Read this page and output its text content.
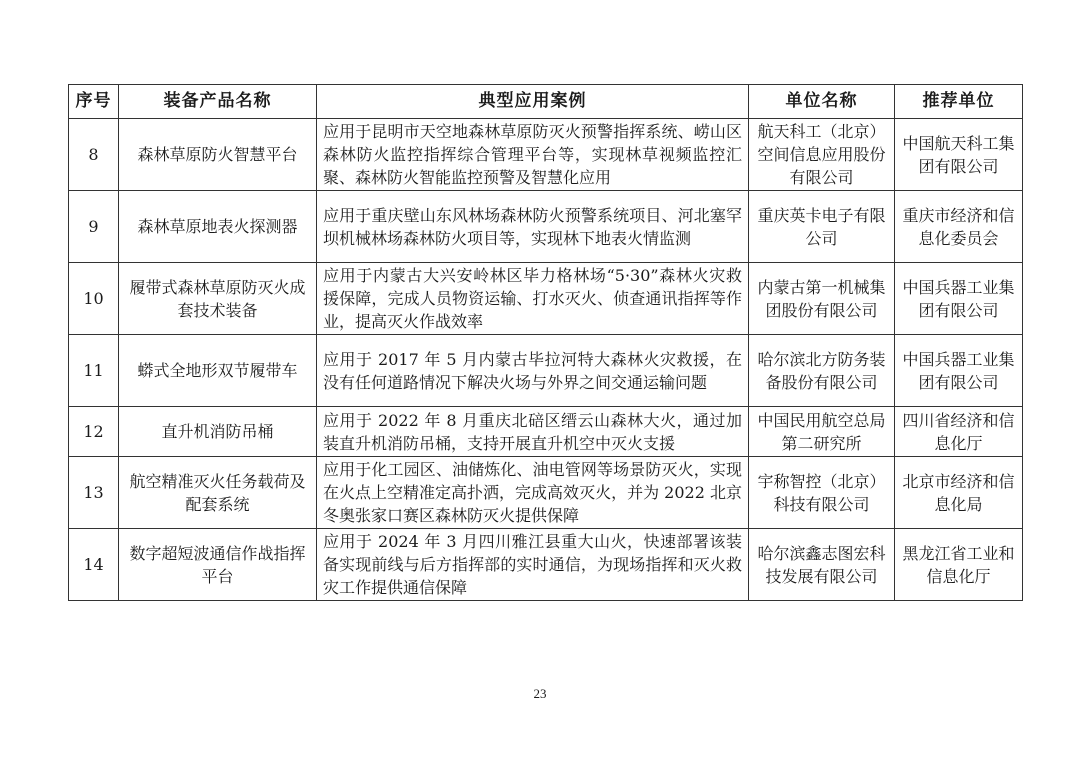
序号	装备产品名称	典型应用案例	单位名称	推荐单位
8	森林草原防火智慧平台	应用于昆明市天空地森林草原防灭火预警指挥系统、崂山区森林防火监控指挥综合管理平台等，实现林草视频监控汇聚、森林防火智能监控预警及智慧化应用	航天科工（北京）空间信息应用股份有限公司	中国航天科工集团有限公司
9	森林草原地表火探测器	应用于重庆壁山东风林场森林防火预警系统项目、河北塞罕坝机械林场森林防火项目等，实现林下地表火情监测	重庆英卡电子有限公司	重庆市经济和信息化委员会
10	履带式森林草原防灭火成套技术装备	应用于内蒙古大兴安岭林区毕力格林场“5·30”森林火灾救援保障，完成人员物资运输、打水灭火、侦查通讯指挥等作业，提高灭火作战效率	内蒙古第一机械集团股份有限公司	中国兵器工业集团有限公司
11	蟒式全地形双节履带车	应用于 2017 年 5 月内蒙古毕拉河特大森林火灾救援，在没有任何道路情况下解决火场与外界之间交通运输问题	哈尔滨北方防务装备股份有限公司	中国兵器工业集团有限公司
12	直升机消防吊桶	应用于 2022 年 8 月重庆北碚区缙云山森林大火，通过加装直升机消防吊桶，支持开展直升机空中灭火支援	中国民用航空总局第二研究所	四川省经济和信息化厅
13	航空精准灭火任务载荷及配套系统	应用于化工园区、油储炼化、油电管网等场景防灭火，实现在火点上空精准定高扑洒，完成高效灭火，并为 2022 北京冬奥张家口赛区森林防灭火提供保障	宇称智控（北京）科技有限公司	北京市经济和信息化局
14	数字超短波通信作战指挥平台	应用于 2024 年 3 月四川雅江县重大山火，快速部署该装备实现前线与后方指挥部的实时通信，为现场指挥和灭火救灾工作提供通信保障	哈尔滨鑫志图宏科技发展有限公司	黑龙江省工业和信息化厅
23
